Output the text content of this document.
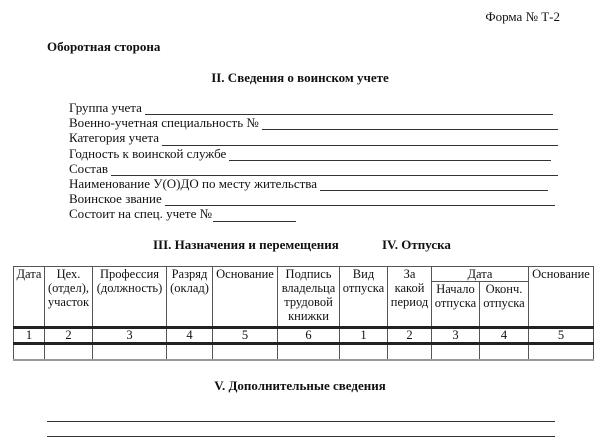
Форма № Т-2
Оборотная сторона
II. Сведения о воинском учете
Группа учета
Военно-учетная специальность №
Категория учета
Годность к воинской службе
Состав
Наименование У(О)ДО по месту жительства
Воинское звание
Состоит на спец. учете №
III. Назначения и перемещения	IV. Отпуска
Дата	Цех. (отдел), участок	Профессия (должность)	Разряд (оклад)	Основание	Подпись владельца трудовой книжки	Вид отпуска	За какой период	Дата		Основание
								Начало отпуска	Оконч. отпуска	
1	2	3	4	5	6	1	2	3	4	5

V. Дополнительные сведения
